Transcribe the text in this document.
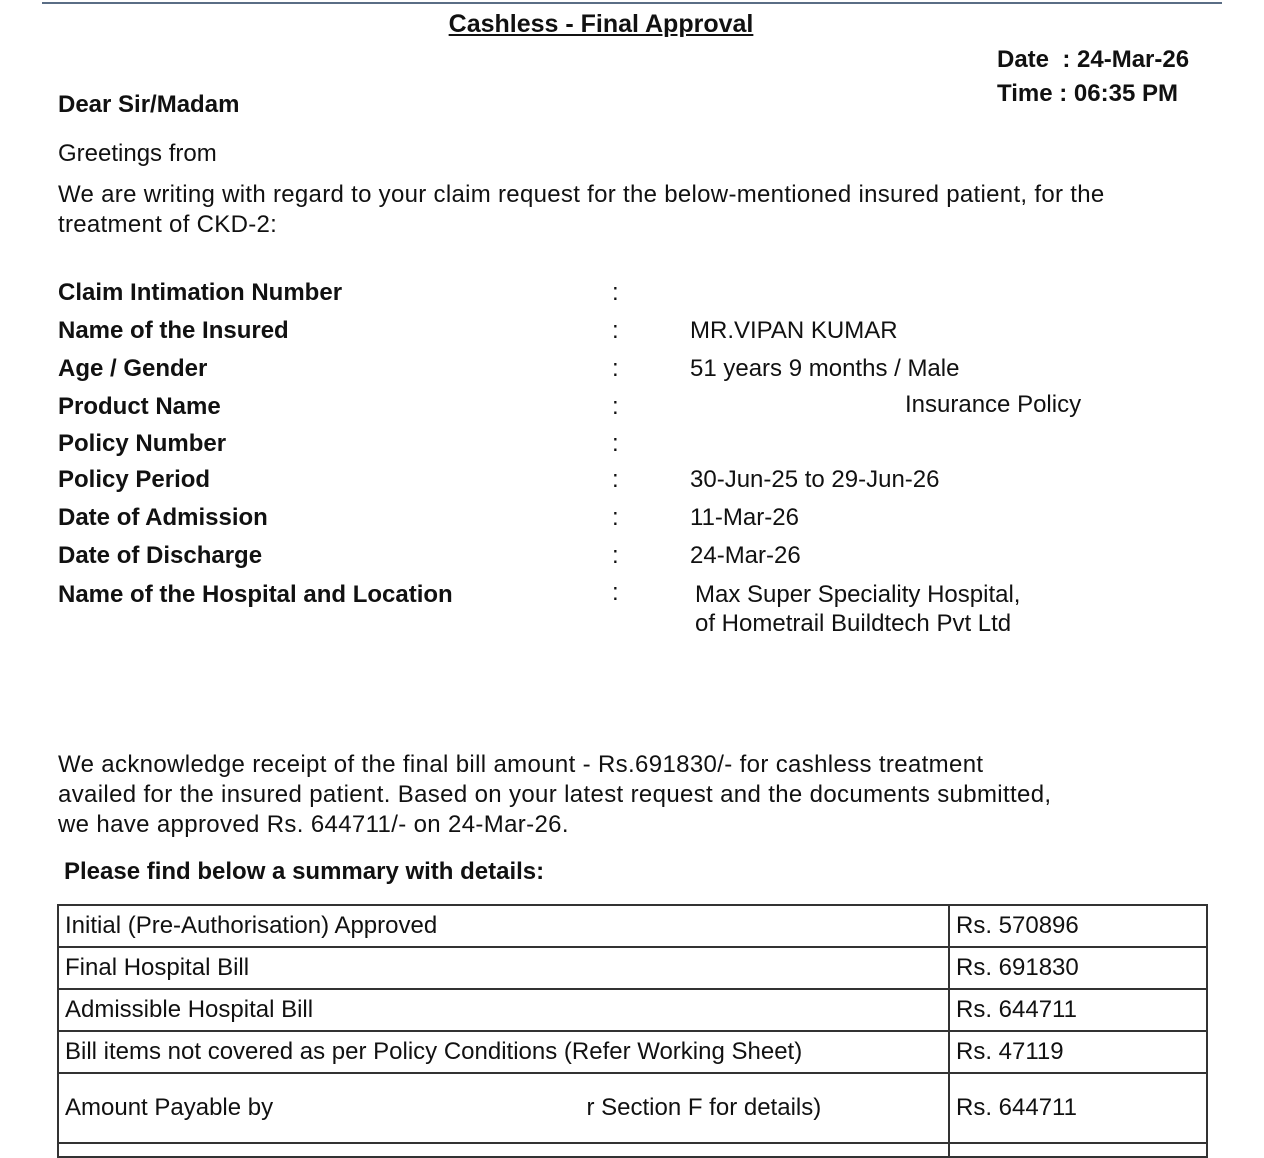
Cashless - Final Approval
Date  : 24-Mar-26
Time : 06:35 PM
Dear Sir/Madam
Greetings from
We are writing with regard to your claim request for the below-mentioned insured patient, for the treatment of CKD-2:
Claim Intimation Number	:
Name of the Insured	:	MR.VIPAN KUMAR
Age / Gender	:	51 years 9 months / Male
Product Name	:	Insurance Policy
Policy Number	:
Policy Period	:	30-Jun-25 to 29-Jun-26
Date of Admission	:	11-Mar-26
Date of Discharge	:	24-Mar-26
Name of the Hospital and Location	:	Max Super Speciality Hospital,
of Hometrail Buildtech Pvt Ltd
We acknowledge receipt of the final bill amount - Rs.691830/- for cashless treatment
availed for the insured patient. Based on your latest request and the documents submitted,
we have approved Rs. 644711/- on 24-Mar-26.
Please find below a summary with details:
Initial (Pre-Authorisation) Approved	Rs. 570896
Final Hospital Bill	Rs. 691830
Admissible Hospital Bill	Rs. 644711
Bill items not covered as per Policy Conditions (Refer Working Sheet)	Rs. 47119
Amount Payable by r Section F for details)	Rs. 644711
